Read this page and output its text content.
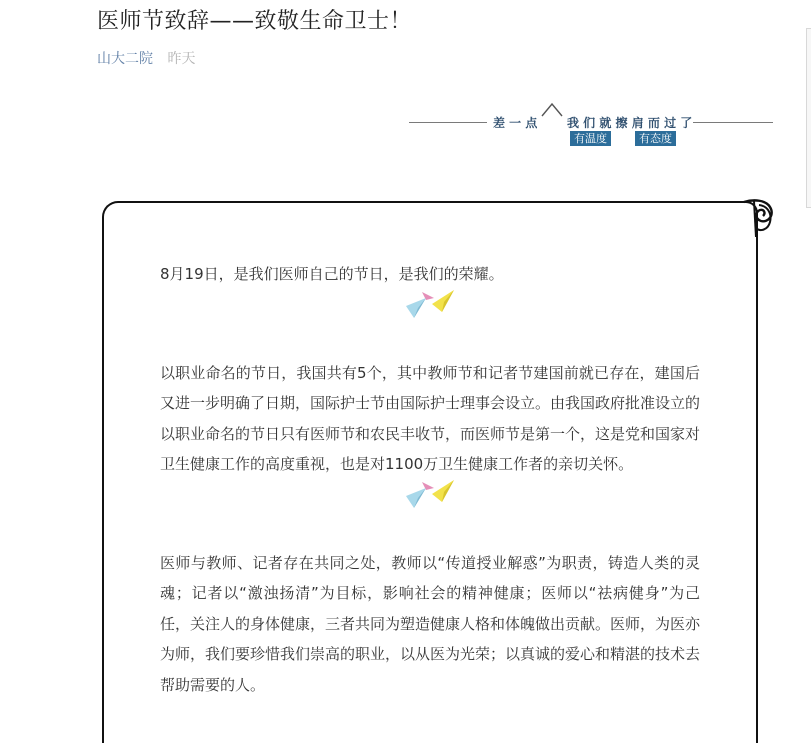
医师节致辞——致敬生命卫士！
山大二院 昨天
差 一 点 我 们 就 擦 肩 而 过 了
有温度	有态度

8月19日，是我们医师自己的节日，是我们的荣耀。

以职业命名的节日，我国共有5个，其中教师节和记者节建国前就已存在，建国后又进一步明确了日期，国际护士节由国际护士理事会设立。由我国政府批准设立的以职业命名的节日只有医师节和农民丰收节，而医师节是第一个，这是党和国家对卫生健康工作的高度重视，也是对1100万卫生健康工作者的亲切关怀。

医师与教师、记者存在共同之处，教师以“传道授业解惑”为职责，铸造人类的灵魂；记者以“激浊扬清”为目标，影响社会的精神健康；医师以“祛病健身”为己任，关注人的身体健康，三者共同为塑造健康人格和体魄做出贡献。医师，为医亦为师，我们要珍惜我们崇高的职业，以从医为光荣；以真诚的爱心和精湛的技术去帮助需要的人。
